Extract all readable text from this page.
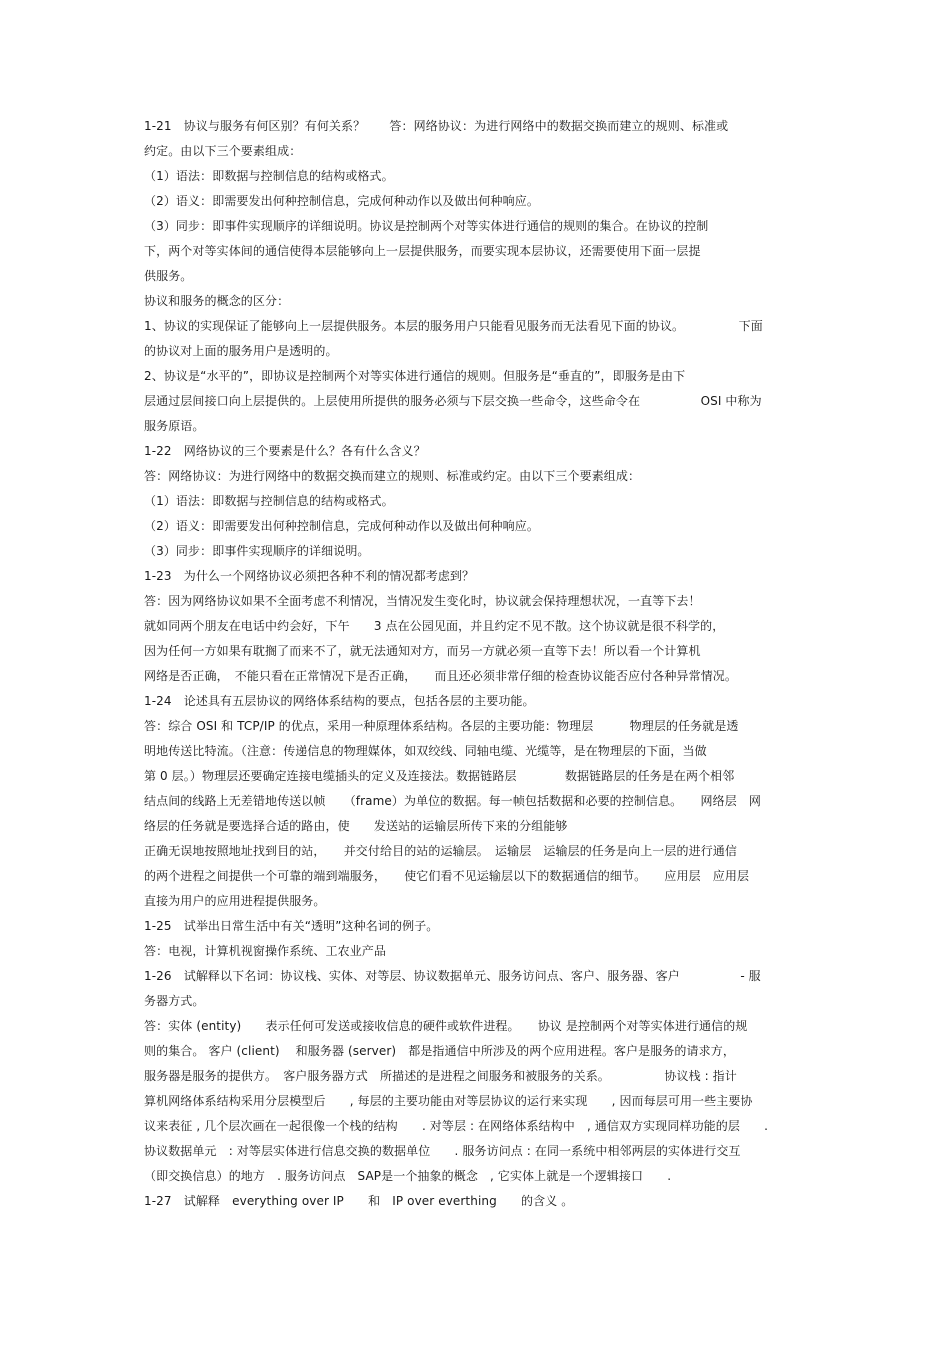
1-21　协议与服务有何区别？有何关系？　　答：网络协议：为进行网络中的数据交换而建立的规则、标准或
约定。由以下三个要素组成：
（1）语法：即数据与控制信息的结构或格式。
（2）语义：即需要发出何种控制信息，完成何种动作以及做出何种响应。
（3）同步：即事件实现顺序的详细说明。协议是控制两个对等实体进行通信的规则的集合。在协议的控制
下，两个对等实体间的通信使得本层能够向上一层提供服务，而要实现本层协议，还需要使用下面一层提
供服务。
协议和服务的概念的区分：
1、协议的实现保证了能够向上一层提供服务。本层的服务用户只能看见服务而无法看见下面的协议。　　　　　下面
的协议对上面的服务用户是透明的。
2、协议是“水平的”，即协议是控制两个对等实体进行通信的规则。但服务是“垂直的”，即服务是由下
层通过层间接口向上层提供的。上层使用所提供的服务必须与下层交换一些命令，这些命令在　　　　　OSI 中称为
服务原语。
1-22　网络协议的三个要素是什么？各有什么含义？
答：网络协议：为进行网络中的数据交换而建立的规则、标准或约定。由以下三个要素组成：
（1）语法：即数据与控制信息的结构或格式。
（2）语义：即需要发出何种控制信息，完成何种动作以及做出何种响应。
（3）同步：即事件实现顺序的详细说明。
1-23　为什么一个网络协议必须把各种不利的情况都考虑到？
答：因为网络协议如果不全面考虑不利情况，当情况发生变化时，协议就会保持理想状况，一直等下去！
就如同两个朋友在电话中约会好，下午　　3 点在公园见面，并且约定不见不散。这个协议就是很不科学的，
因为任何一方如果有耽搁了而来不了，就无法通知对方，而另一方就必须一直等下去！所以看一个计算机
网络是否正确，　不能只看在正常情况下是否正确，　　而且还必须非常仔细的检查协议能否应付各种异常情况。
1-24　论述具有五层协议的网络体系结构的要点，包括各层的主要功能。
答：综合 OSI 和 TCP/IP 的优点，采用一种原理体系结构。各层的主要功能：物理层　　　物理层的任务就是透
明地传送比特流。（注意：传递信息的物理媒体，如双绞线、同轴电缆、光缆等，是在物理层的下面，当做
第 0 层。）物理层还要确定连接电缆插头的定义及连接法。数据链路层　　　　数据链路层的任务是在两个相邻
结点间的线路上无差错地传送以帧　　（frame）为单位的数据。每一帧包括数据和必要的控制信息。　　网络层　网
络层的任务就是要选择合适的路由，使　　发送站的运输层所传下来的分组能够
正确无误地按照地址找到目的站，　　并交付给目的站的运输层。　运输层　运输层的任务是向上一层的进行通信
的两个进程之间提供一个可靠的端到端服务，　　使它们看不见运输层以下的数据通信的细节。　　应用层　应用层
直接为用户的应用进程提供服务。
1-25　试举出日常生活中有关“透明”这种名词的例子。
答：电视，计算机视窗操作系统、工农业产品
1-26　试解释以下名词：协议栈、实体、对等层、协议数据单元、服务访问点、客户、服务器、客户　　　　　- 服
务器方式。
答：实体 (entity)　　表示任何可发送或接收信息的硬件或软件进程。　　协议 是控制两个对等实体进行通信的规
则的集合。 客户 (client)　 和服务器 (server)　都是指通信中所涉及的两个应用进程。客户是服务的请求方，
服务器是服务的提供方。　客户服务器方式　所描述的是进程之间服务和被服务的关系。　　　　　协议栈 : 指计
算机网络体系结构采用分层模型后　　, 每层的主要功能由对等层协议的运行来实现　　, 因而每层可用一些主要协
议来表征 , 几个层次画在一起很像一个栈的结构　　. 对等层 : 在网络体系结构中　, 通信双方实现同样功能的层　　.
协议数据单元　: 对等层实体进行信息交换的数据单位　　. 服务访问点 : 在同一系统中相邻两层的实体进行交互
（即交换信息）的地方　. 服务访问点　SAP是一个抽象的概念　, 它实体上就是一个逻辑接口　　.
1-27　试解释　everything over IP　　和　IP over everthing　　的含义 。
